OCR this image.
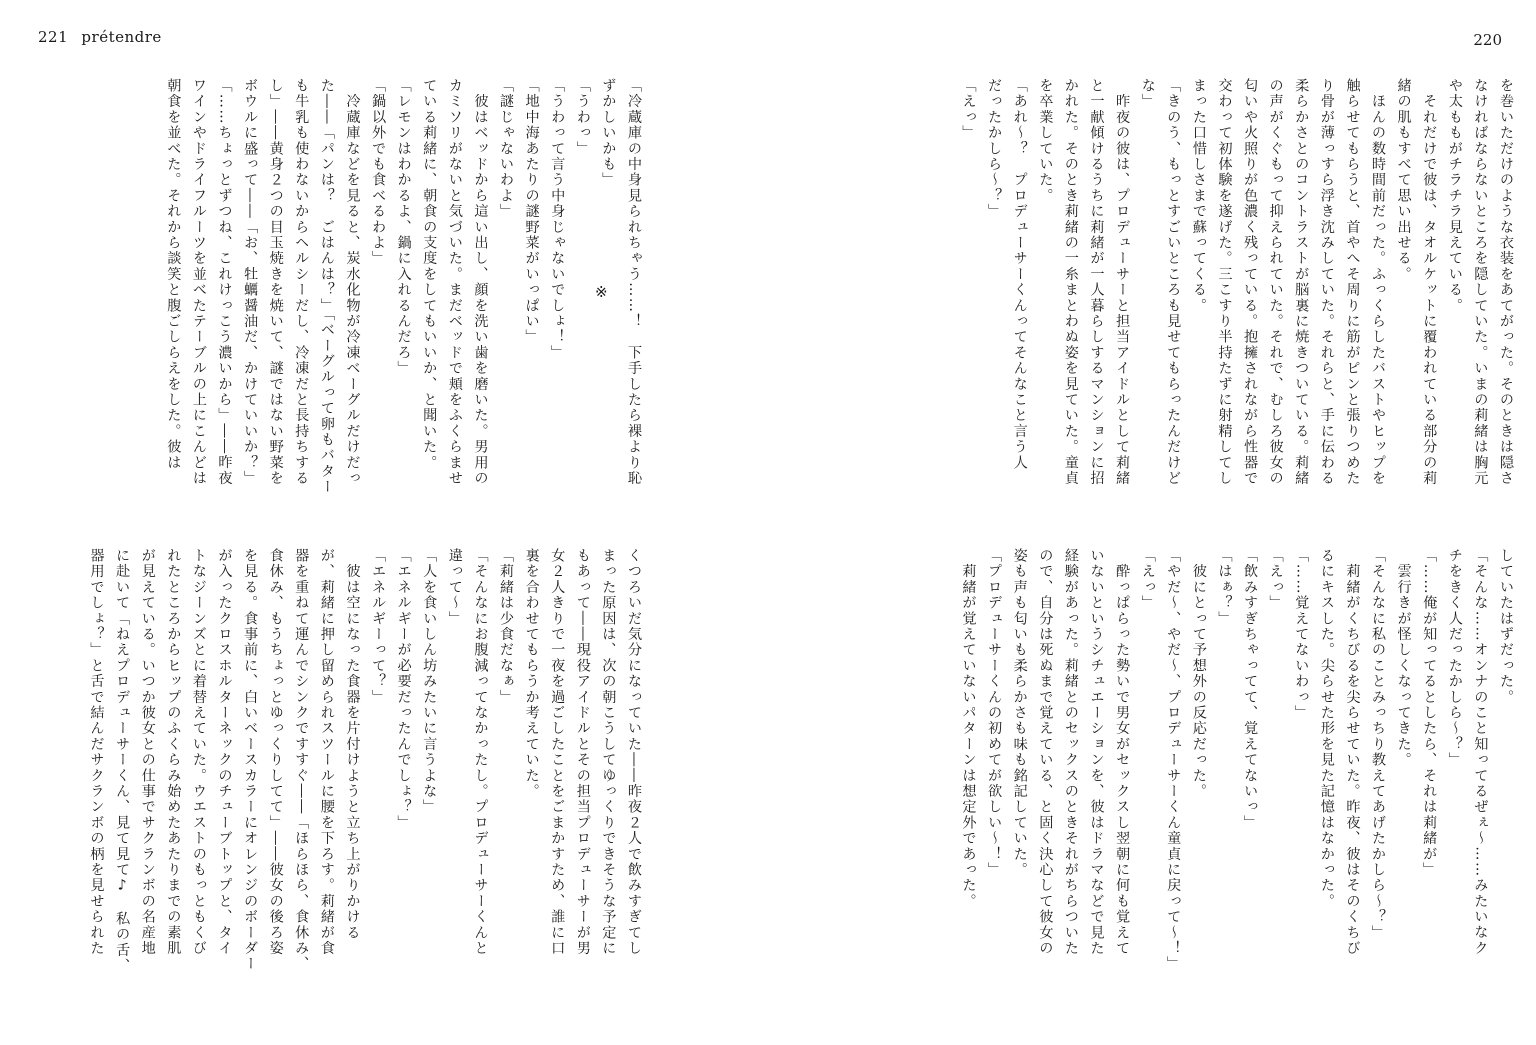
221 prétendre
※	「冷蔵庫の中身見られちゃう……！　下手したら裸より恥
ずかしいかも」
「うわっ」
「うわって言う中身じゃないでしょ！」
「地中海あたりの謎野菜がいっぱい」
「謎じゃないわよ」
　彼はベッドから這い出し、顔を洗い歯を磨いた。男用の
カミソリがないと気づいた。まだベッドで頬をふくらませ
ている莉緒に、朝食の支度をしてもいいか、と聞いた。
「レモンはわかるよ、鍋に入れるんだろ」
「鍋以外でも食べるわよ」
　冷蔵庫などを見ると、炭水化物が冷凍ベーグルだけだっ
た――「パンは？　ごはんは？」「ベーグルって卵もバター
も牛乳も使わないからヘルシーだし、冷凍だと長持ちする
し」――黄身２つの目玉焼きを焼いて、謎ではない野菜を
ボウルに盛って――「お、牡蠣醤油だ、かけていいか？」
「……ちょっとずつね、これけっこう濃いから」――昨夜
ワインやドライフルーツを並べたテーブルの上にこんどは
朝食を並べた。それから談笑と腹ごしらえをした。彼は
くつろいだ気分になっていた――昨夜２人で飲みすぎてし
まった原因は、次の朝こうしてゆっくりできそうな予定に
もあって――現役アイドルとその担当プロデューサーが男
女２人きりで一夜を過ごしたことをごまかすため、誰に口
裏を合わせてもらうか考えていた。
「莉緒は少食だなぁ」
「そんなにお腹減ってなかったし。プロデューサーくんと
違って〜」
「人を食いしん坊みたいに言うよな」
「エネルギーが必要だったんでしょ？」
「エネルギーって？」
　彼は空になった食器を片付けようと立ち上がりかける
が、莉緒に押し留められスツールに腰を下ろす。莉緒が食
器を重ねて運んでシンクですすぐ――「ほらほら、食休み、
食休み、もうちょっとゆっくりしてて」――彼女の後ろ姿
を見る。食事前に、白いベースカラーにオレンジのボーダー
が入ったクロスホルターネックのチューブトップと、タイ
トなジーンズとに着替えていた。ウエストのもっともくび
れたところからヒップのふくらみ始めたあたりまでの素肌
が見えている。いつか彼女との仕事でサクランボの名産地
に赴いて「ねえプロデューサーくん、見て見て♪　私の舌、
器用でしょ？」と舌で結んだサクランボの柄を見せられた
220
を巻いただけのような衣装をあてがった。そのときは隠さ
なければならないところを隠していた。いまの莉緒は胸元
や太ももがチラチラ見えている。
　それだけで彼は、タオルケットに覆われている部分の莉
緒の肌もすべて思い出せる。
　ほんの数時間前だった。ふっくらしたバストやヒップを
触らせてもらうと、首やへそ周りに筋がピンと張りつめた
り骨が薄っすら浮き沈みしていた。それらと、手に伝わる
柔らかさとのコントラストが脳裏に焼きついている。莉緒
の声がくぐもって抑えられていた。それで、むしろ彼女の
匂いや火照りが色濃く残っている。抱擁されながら性器で
交わって初体験を遂げた。三こすり半持たずに射精してし
まった口惜しさまで蘇ってくる。
「きのう、もっとすごいところも見せてもらったんだけど
な」
　昨夜の彼は、プロデューサーと担当アイドルとして莉緒
と一献傾けるうちに莉緒が一人暮らしするマンションに招
かれた。そのとき莉緒の一糸まとわぬ姿を見ていた。童貞
を卒業していた。
「あれ〜？　プロデューサーくんってそんなこと言う人
だったかしら〜？」
「えっ」
していたはずだった。
「そんな……オンナのこと知ってるぜぇ〜……みたいなク
チをきく人だったかしら〜？」
「……俺が知ってるとしたら、それは莉緒が」
　雲行きが怪しくなってきた。
「そんなに私のことみっちり教えてあげたかしら〜？」
　莉緒がくちびるを尖らせていた。昨夜、彼はそのくちび
るにキスした。尖らせた形を見た記憶はなかった。
「……覚えてないわっ」
「えっ」
「飲みすぎちゃってて、覚えてないっ」
「はぁ？」
　彼にとって予想外の反応だった。
「やだ〜、やだ〜、プロデューサーくん童貞に戻って〜！」
「えっ」
　酔っぱらった勢いで男女がセックスし翌朝に何も覚えて
いないというシチュエーションを、彼はドラマなどで見た
経験があった。莉緒とのセックスのときそれがちらついた
ので、自分は死ぬまで覚えている、と固く決心して彼女の
姿も声も匂いも柔らかさも味も銘記していた。
「プロデューサーくんの初めてが欲しい〜！」
　莉緒が覚えていないパターンは想定外であった。
